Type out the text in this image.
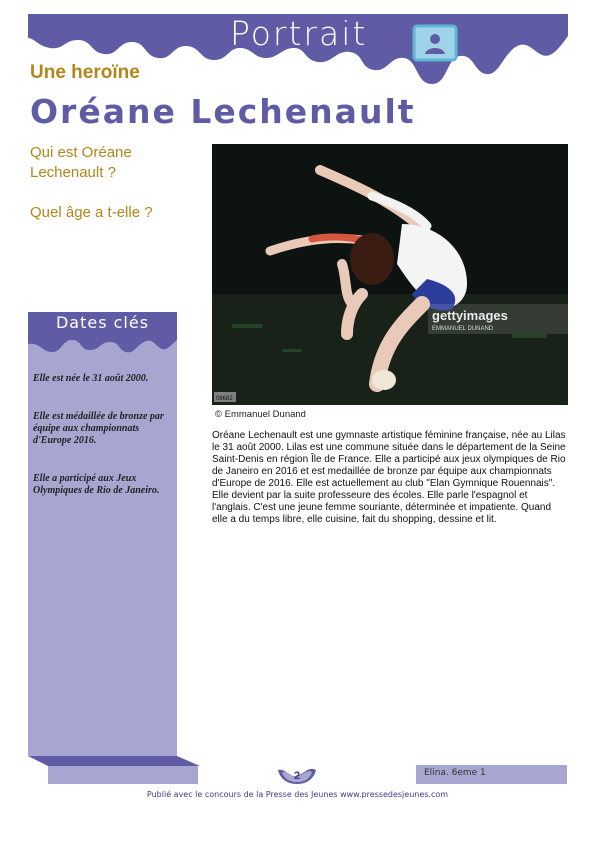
Portrait
Une heroïne
Oréane Lechenault

Qui est Oréane Lechenault ?

Quel âge a t-elle ?

gettyimages
EMMANUEL DUNAND
08682
© Emmanuel Dunand
Oréane Lechenault est une gymnaste artistique féminine française, née au Lilas le 31 août 2000. Lilas est une commune située dans le département de la Seine Saint-Denis en région Île de France. Elle a participé aux jeux olympiques de Rio de Janeiro en 2016 et est medaillée de bronze par équipe aux championnats d'Europe de 2016. Elle est actuellement au club "Elan Gymnique Rouennais". Elle devient par la suite professeure des écoles. Elle parle l'espagnol et l'anglais. C'est une jeune femme souriante, déterminée et impatiente. Quand elle a du temps libre, elle cuisine, fait du shopping, dessine et lit.
Dates clés

Elle est née le 31 août 2000.

Elle est médaillée de bronze par équipe aux championnats d'Europe 2016.

Elle a participé aux Jeux Olympiques de Rio de Janeiro.

2	Elina. 6eme 1
Publié avec le concours de la Presse des Jeunes www.pressedesjeunes.com
